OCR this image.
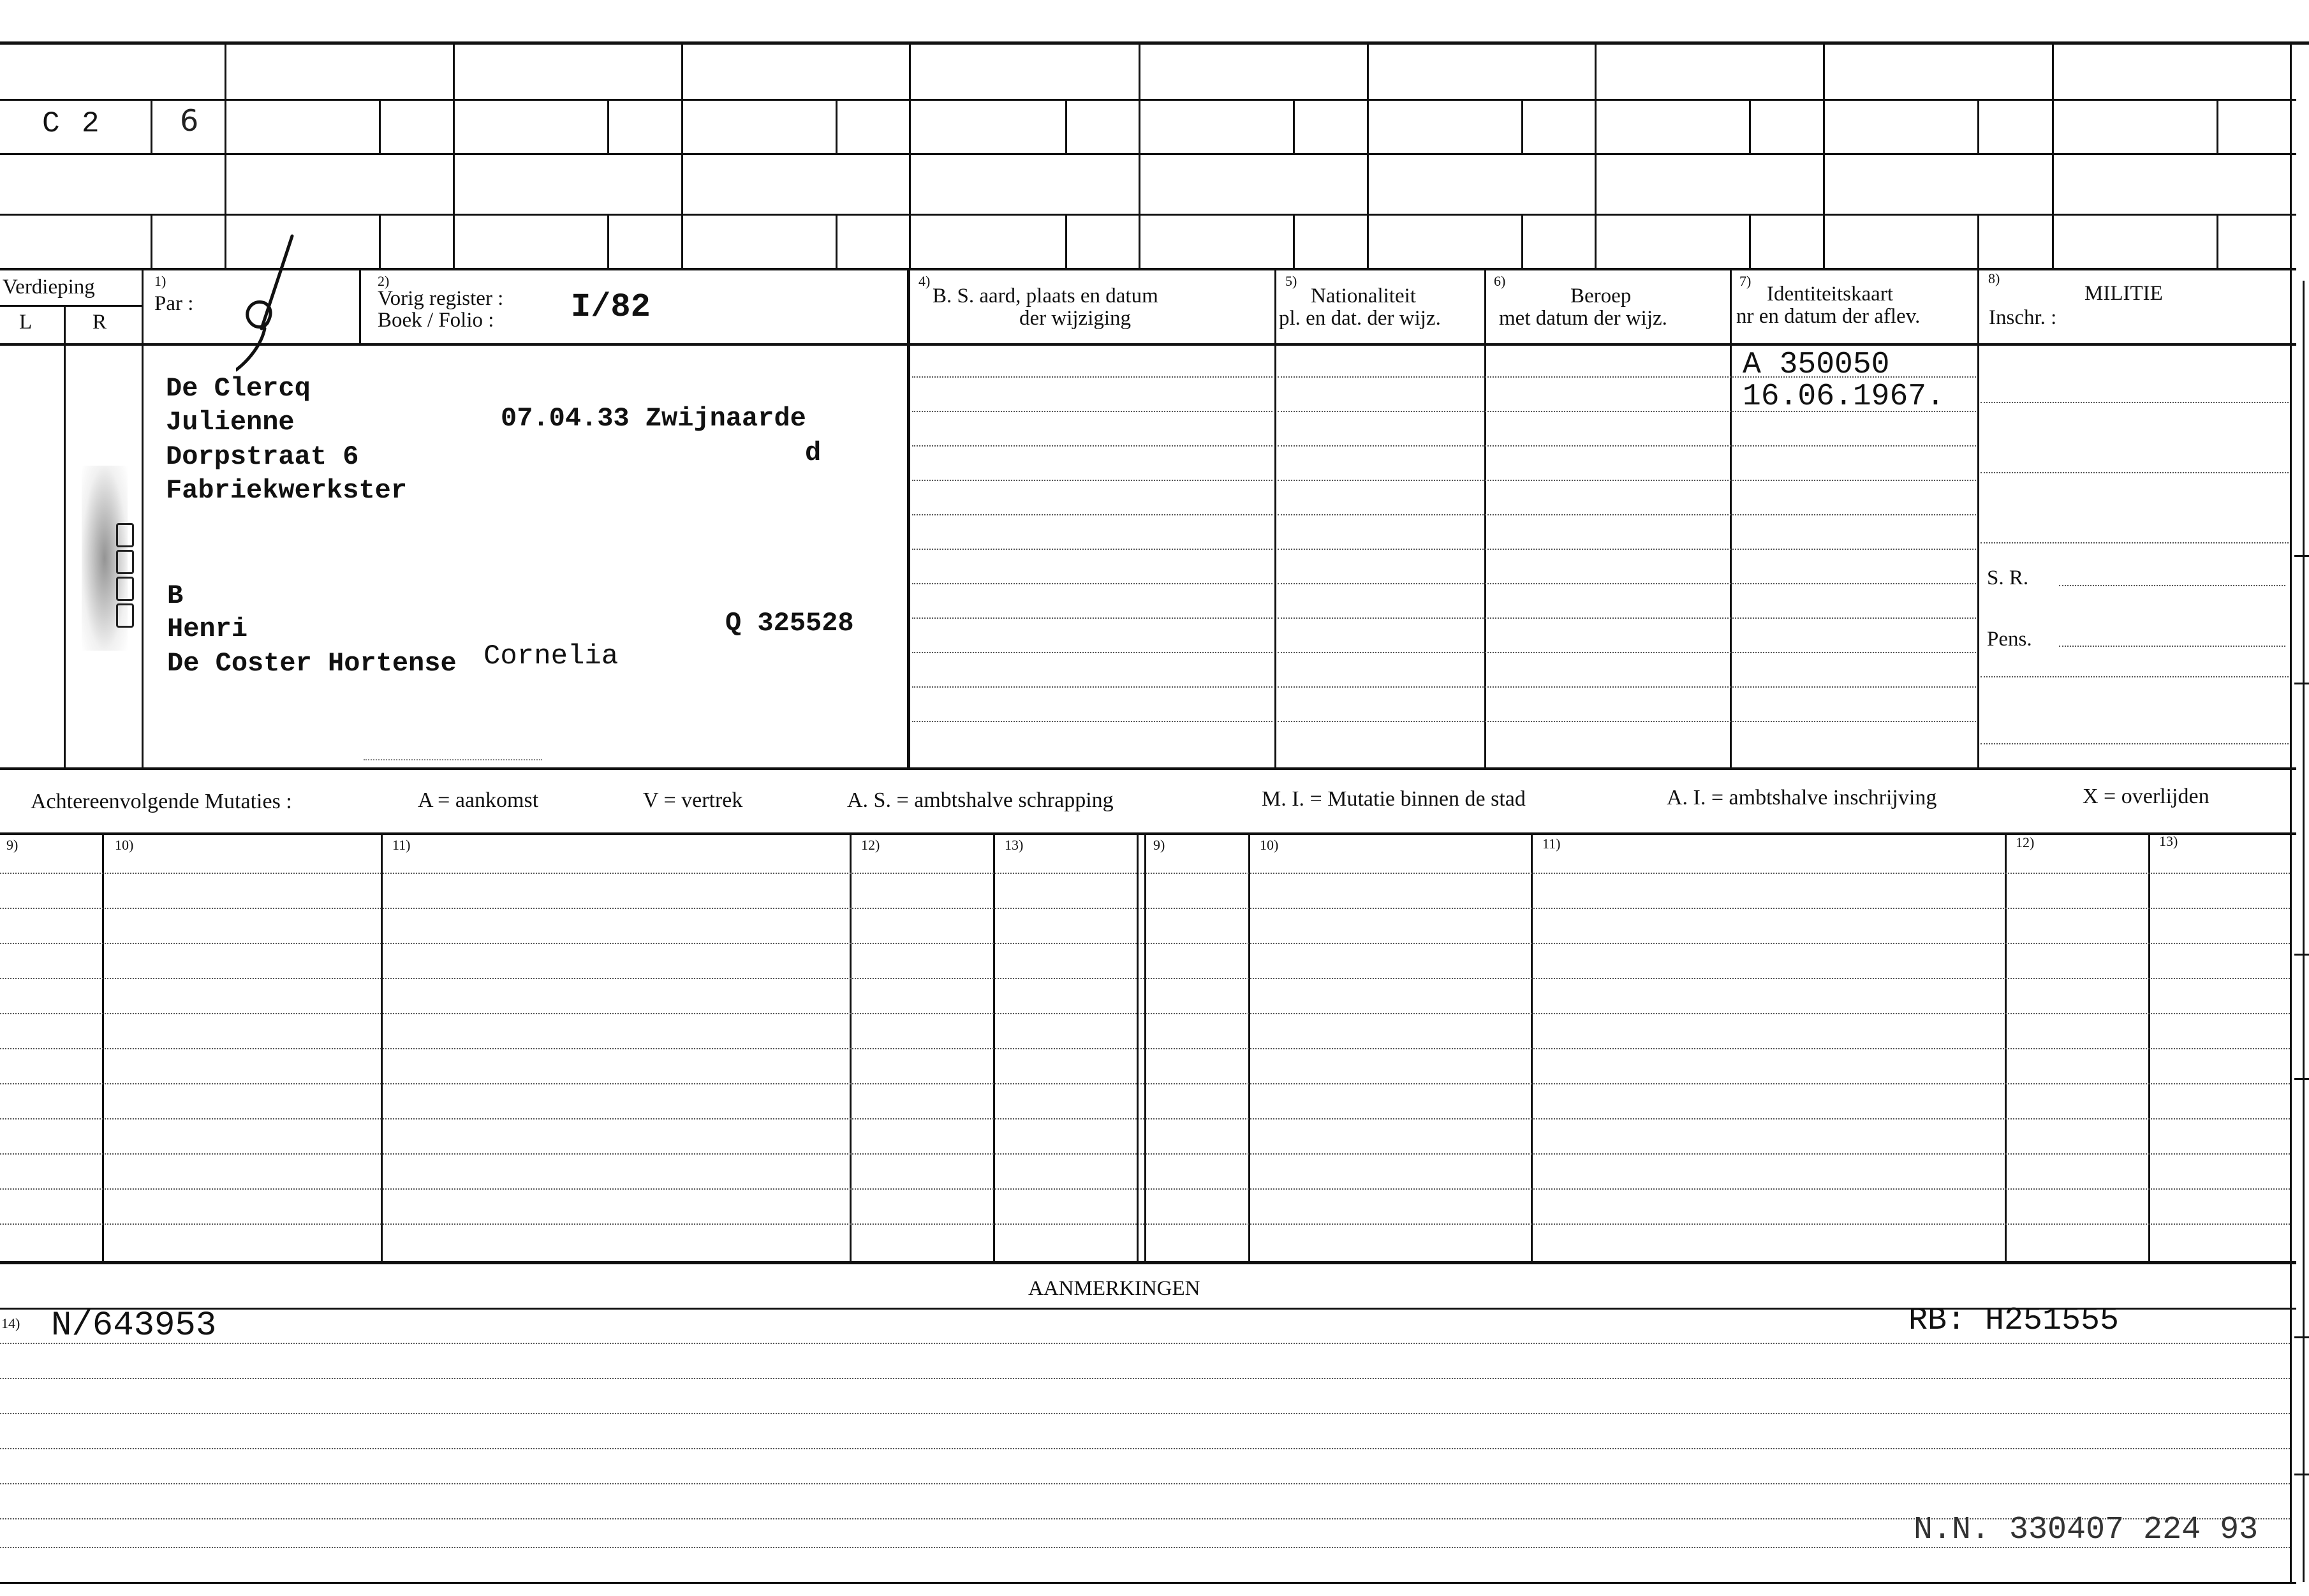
C 2	6
Verdieping
L	R
1)
Par :
2)
Vorig register :
Boek / Folio : I/82
4)
B. S. aard, plaats en datum
der wijziging
5)
Nationaliteit
pl. en dat. der wijz.
6)
Beroep
met datum der wijz.
7)
Identiteitskaart
nr en datum der aflev.
8)
MILITIE
Inschr. :
De Clercq
Julienne	07.04.33 Zwijnaarde
Dorpstraat 6	d
Fabriekwerkster
B
Henri	Q 325528
De Coster Hortense Cornelia
A 350050
16.06.1967.
S. R.
Pens.
Achtereenvolgende Mutaties :	A = aankomst	V = vertrek	A. S. = ambtshalve schrapping	M. I. = Mutatie binnen de stad	A. I. = ambtshalve inschrijving	X = overlijden
9)	10)	11)	12)	13)	9)	10)	11)	12)	13)
AANMERKINGEN
14) N/643953	RB: H251555
N.N. 330407 224 93
